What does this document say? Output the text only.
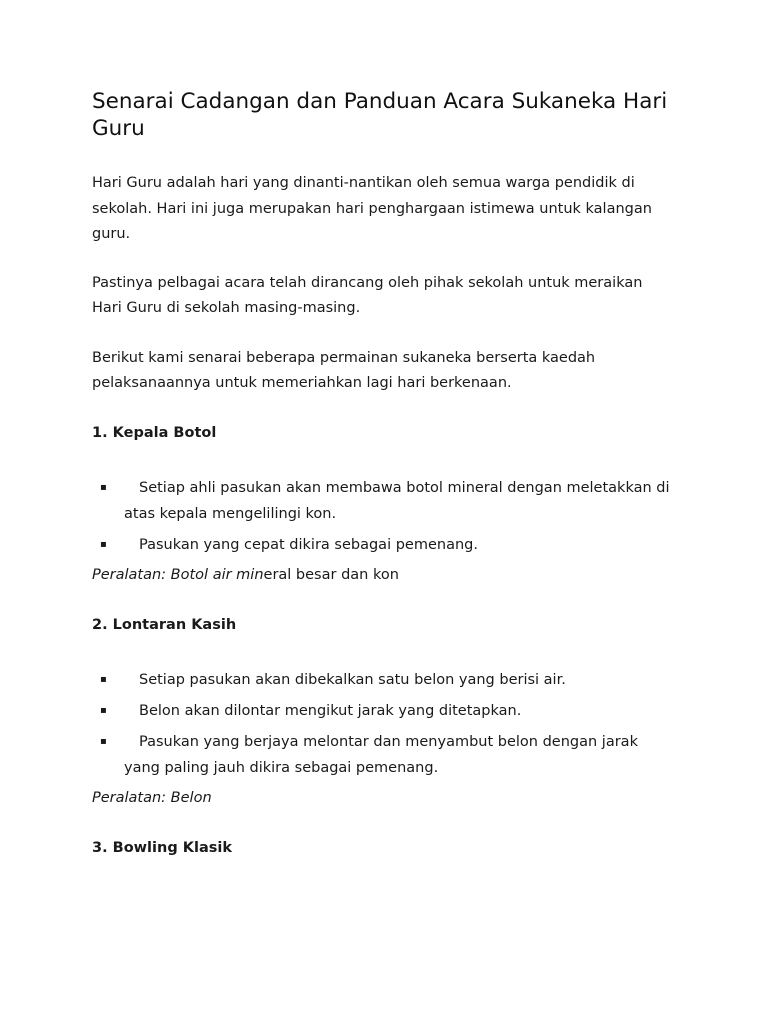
Senarai Cadangan dan Panduan Acara Sukaneka Hari Guru

Hari Guru adalah hari yang dinanti-nantikan oleh semua warga pendidik di sekolah. Hari ini juga merupakan hari penghargaan istimewa untuk kalangan guru.

Pastinya pelbagai acara telah dirancang oleh pihak sekolah untuk meraikan Hari Guru di sekolah masing-masing.

Berikut kami senarai beberapa permainan sukaneka berserta kaedah pelaksanaannya untuk memeriahkan lagi hari berkenaan.

1. Kepala Botol
▪ Setiap ahli pasukan akan membawa botol mineral dengan meletakkan di atas kepala mengelilingi kon.
▪ Pasukan yang cepat dikira sebagai pemenang.

Peralatan: Botol air mineral besar dan kon

2. Lontaran Kasih
▪ Setiap pasukan akan dibekalkan satu belon yang berisi air.
▪ Belon akan dilontar mengikut jarak yang ditetapkan.
▪ Pasukan yang berjaya melontar dan menyambut belon dengan jarak yang paling jauh dikira sebagai pemenang.

Peralatan: Belon

3. Bowling Klasik
